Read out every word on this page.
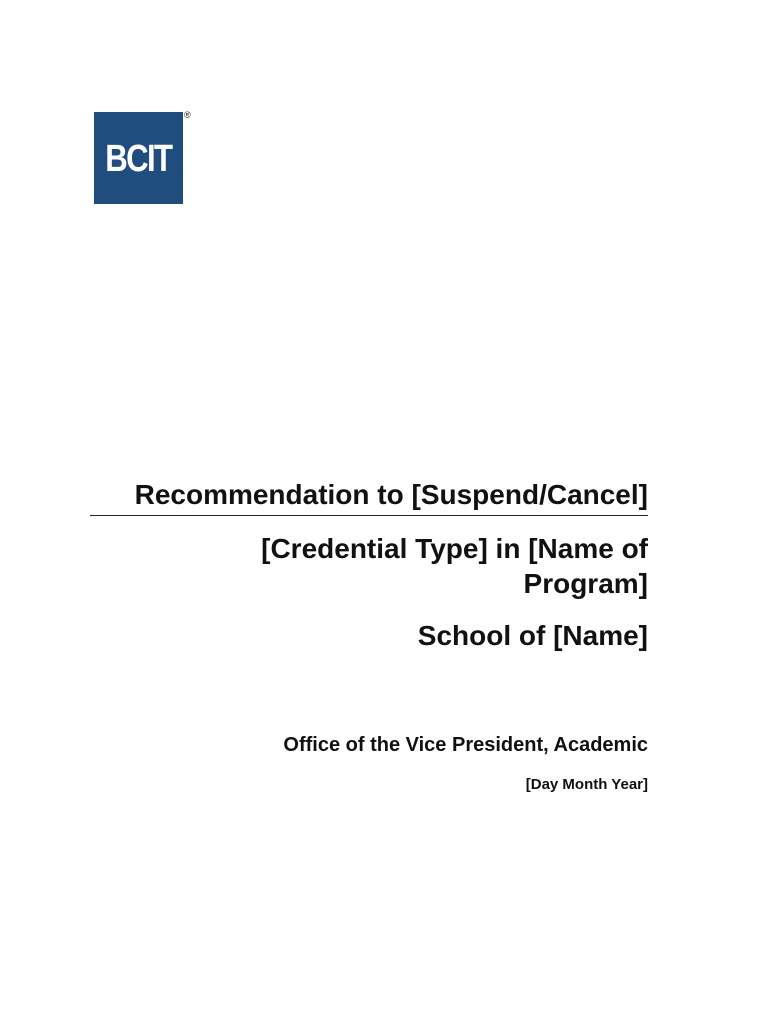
BCIT
®
Recommendation to [Suspend/Cancel]
[Credential Type] in [Name of Program]
School of [Name]
Office of the Vice President, Academic
[Day Month Year]
